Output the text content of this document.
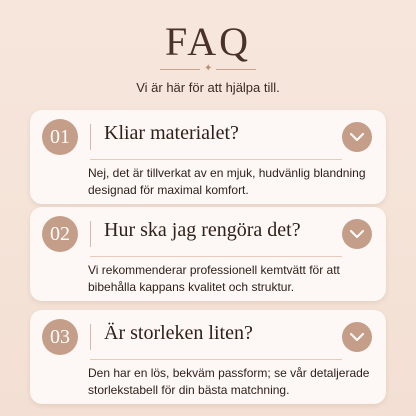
FAQ
✦
Vi är här för att hjälpa till.
01	Kliar materialet?
Nej, det är tillverkat av en mjuk, hudvänlig blandning designad för maximal komfort.
02	Hur ska jag rengöra det?
Vi rekommenderar professionell kemtvätt för att bibehålla kappans kvalitet och struktur.
03	Är storleken liten?
Den har en lös, bekväm passform; se vår detaljerade storlekstabell för din bästa matchning.
